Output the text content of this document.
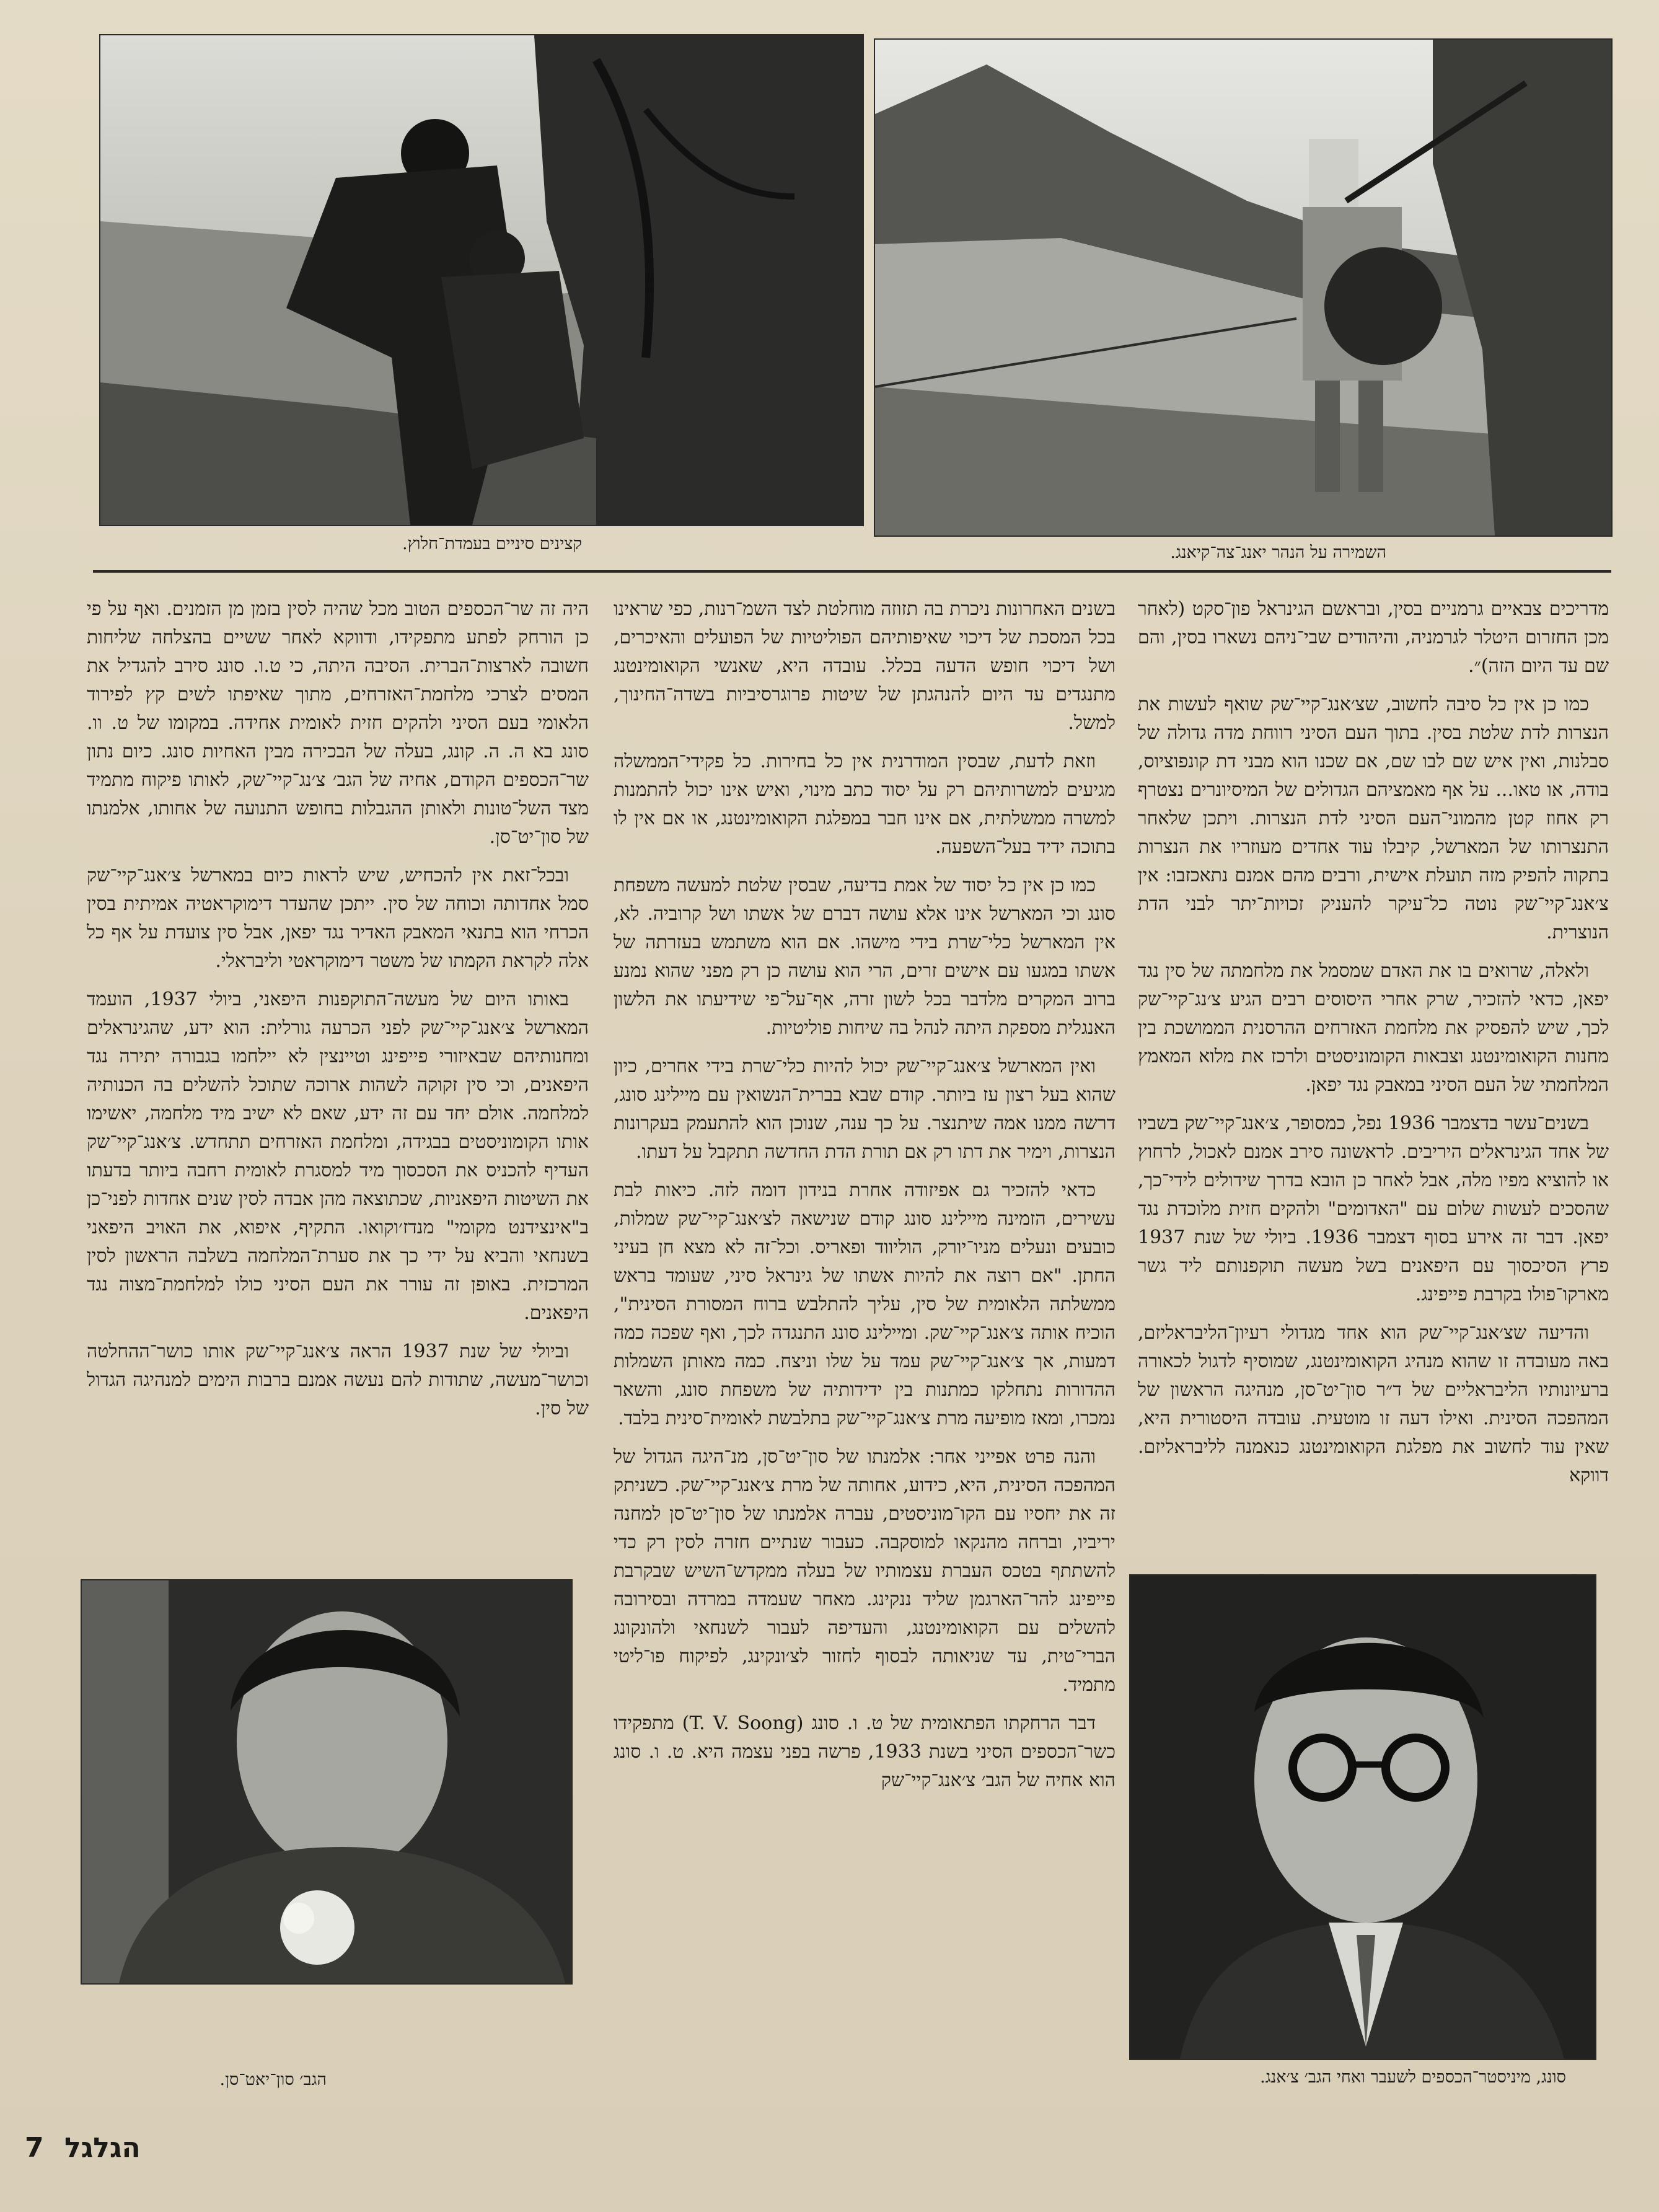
השמירה על הנהר יאנג־צה־קיאנג.
קצינים סיניים בעמדת־חלוץ.

מדריכים צבאיים גרמניים בסין, ובראשם הגינראל פון־סקט (לאחר מכן החזרום היטלר לגרמניה, והיהודים שבי־ניהם נשארו בסין, והם שם עד היום הזה)״.

כמו כן אין כל סיבה לחשוב, שצ׳אנג־קיי־שק שואף לעשות את הנצרות לדת שלטת בסין. בתוך העם הסיני רווחת מדה גדולה של סבלנות, ואין איש שם לבו שם, אם שכנו הוא מבני דת קונפוציוס, בודה, או טאו... על אף מאמציהם הגדולים של המיסיונרים נצטרף רק אחוז קטן מהמוני־העם הסיני לדת הנצרות. ויתכן שלאחר התנצרותו של המארשל, קיבלו עוד אחדים מעוזריו את הנצרות בתקוה להפיק מזה תועלת אישית, ורבים מהם אמנם נתאכזבו: אין צ׳אנג־קיי־שק נוטה כל־עיקר להעניק זכויות־יתר לבני הדת הנוצרית.

ולאלה, שרואים בו את האדם שמסמל את מלחמתה של סין נגד יפאן, כדאי להזכיר, שרק אחרי היסוסים רבים הגיע צ׳נג־קיי־שק לכך, שיש להפסיק את מלחמת האזרחים ההרסנית הממושכת בין מחנות הקואומינטנג וצבאות הקומוניסטים ולרכז את מלוא המאמץ המלחמתי של העם הסיני במאבק נגד יפאן.

בשנים־עשר בדצמבר 1936 נפל, כמסופר, צ׳אנג־קיי־שק בשביו של אחד הגינראלים היריבים. לראשונה סירב אמנם לאכול, לרחוץ או להוציא מפיו מלה, אבל לאחר כן הובא בדרך שידולים לידי־כך, שהסכים לעשות שלום עם "האדומים" ולהקים חזית מלוכדת נגד יפאן. דבר זה אירע בסוף דצמבר 1936. ביולי של שנת 1937 פרץ הסיכסוך עם היפאנים בשל מעשה תוקפנותם ליד גשר מארקו־פולו בקרבת פייפינג.

והדיעה שצ׳אנג־קיי־שק הוא אחד מגדולי רעיון־הליבראליזם, באה מעובדה זו שהוא מנהיג הקואומינטנג, שמוסיף לדגול לכאורה ברעיונותיו הליבראליים של ד״ר סון־יט־סן, מנהיגה הראשון של המהפכה הסינית. ואילו דעה זו מוטעית. עובדה היסטורית היא, שאין עוד לחשוב את מפלגת הקואומינטנג כנאמנה לליבראליזם. דווקא

בשנים האחרונות ניכרת בה תזוזה מוחלטת לצד השמ־רנות, כפי שראינו בכל המסכת של דיכוי שאיפותיהם הפוליטיות של הפועלים והאיכרים, ושל דיכוי חופש הדעה בכלל. עובדה היא, שאנשי הקואומינטנג מתנגדים עד היום להנהגתן של שיטות פרוגרסיביות בשדה־החינוך, למשל.

וזאת לדעת, שבסין המודרנית אין כל בחירות. כל פקידי־הממשלה מגיעים למשרותיהם רק על יסוד כתב מינוי, ואיש אינו יכול להתמנות למשרה ממשלתית, אם אינו חבר במפלגת הקואומינטנג, או אם אין לו בתוכה ידיד בעל־השפעה.

כמו כן אין כל יסוד של אמת בדיעה, שבסין שלטת למעשה משפחת סונג וכי המארשל אינו אלא עושה דברם של אשתו ושל קרוביה. לא, אין המארשל כלי־שרת בידי מישהו. אם הוא משתמש בעזרתה של אשתו במגעו עם אישים זרים, הרי הוא עושה כן רק מפני שהוא נמנע ברוב המקרים מלדבר בכל לשון זרה, אף־על־פי שידיעתו את הלשון האנגלית מספקת היתה לנהל בה שיחות פוליטיות.

ואין המארשל צ׳אנג־קיי־שק יכול להיות כלי־שרת בידי אחרים, כיון שהוא בעל רצון עז ביותר. קודם שבא בברית־הנשואין עם מיילינג סונג, דרשה ממנו אמה שיתנצר. על כך ענה, שנוכן הוא להתעמק בעקרונות הנצרות, וימיר את דתו רק אם תורת הדת החדשה תתקבל על דעתו.

כדאי להזכיר גם אפיזודה אחרת בנידון דומה לזה. כיאות לבת עשירים, הזמינה מיילינג סונג קודם שנישאה לצ׳אנג־קיי־שק שמלות, כובעים ונעלים מניו־יורק, הוליווד ופאריס. וכל־זה לא מצא חן בעיני החתן. "אם רוצה את להיות אשתו של גינראל סיני, שעומד בראש ממשלתה הלאומית של סין, עליך להתלבש ברוח המסורת הסינית", הוכיח אותה צ׳אנג־קיי־שק. ומיילינג סונג התנגדה לכך, ואף שפכה כמה דמעות, אך צ׳אנג־קיי־שק עמד על שלו וניצח. כמה מאותן השמלות ההדורות נתחלקו כמתנות בין ידידותיה של משפחת סונג, והשאר נמכרו, ומאז מופיעה מרת צ׳אנג־קיי־שק בתלבשת לאומית־סינית בלבד.

והנה פרט אפייני אחר: אלמנתו של סון־יט־סן, מנ־היגה הגדול של המהפכה הסינית, היא, כידוע, אחותה של מרת צ׳אנג־קיי־שק. כשניתק זה את יחסיו עם הקו־מוניסטים, עברה אלמנתו של סון־יט־סן למחנה יריביו, וברחה מהנקאו למוסקבה. כעבור שנתיים חזרה לסין רק כדי להשתתף בטכס העברת עצמותיו של בעלה ממקדש־השיש שבקרבת פייפינג להר־הארגמן שליד ננקינג. מאחר שעמדה במרדה ובסירובה להשלים עם הקואומינטנג, והעדיפה לעבור לשנחאי ולהונקונג הברי־טית, עד שניאותה לבסוף לחזור לצ׳ונקינג, לפיקוח פו־ליטי מתמיד.

דבר הרחקתו הפתאומית של ט. ו. סונג (T. V. Soong) מתפקידו כשר־הכספים הסיני בשנת 1933, פרשה בפני עצמה היא. ט. ו. סונג הוא אחיה של הגב׳ צ׳אנג־קיי־שק

היה זה שר־הכספים הטוב מכל שהיה לסין בזמן מן הזמנים. ואף על פי כן הורחק לפתע מתפקידו, ודווקא לאחר ששיים בהצלחה שליחות חשובה לארצות־הברית. הסיבה היתה, כי ט.ו. סונג סירב להגדיל את המסים לצרכי מלחמת־האזרחים, מתוך שאיפתו לשים קץ לפירוד הלאומי בעם הסיני ולהקים חזית לאומית אחידה. במקומו של ט. וו. סונג בא ה. ה. קונג, בעלה של הבכירה מבין האחיות סונג. כיום נתון שר־הכספים הקודם, אחיה של הגב׳ צ׳נג־קיי־שק, לאותו פיקוח מתמיד מצד השל־טונות ולאותן ההגבלות בחופש התנועה של אחותו, אלמנתו של סון־יט־סן.

ובכל־זאת אין להכחיש, שיש לראות כיום במארשל צ׳אנג־קיי־שק סמל אחדותה וכוחה של סין. ייתכן שהעדר דימוקראטיה אמיתית בסין הכרחי הוא בתנאי המאבק האדיר נגד יפאן, אבל סין צועדת על אף כל אלה לקראת הקמתו של משטר דימוקראטי וליבראלי.

באותו היום של מעשה־התוקפנות היפאני, ביולי 1937, הועמד המארשל צ׳אנג־קיי־שק לפני הכרעה גורלית: הוא ידע, שהגינראלים ומחנותיהם שבאיזורי פייפינג וטיינצין לא יילחמו בגבורה יתירה נגד היפאנים, וכי סין זקוקה לשהות ארוכה שתוכל להשלים בה הכנותיה למלחמה. אולם יחד עם זה ידע, שאם לא ישיב מיד מלחמה, יאשימו אותו הקומוניסטים בבגידה, ומלחמת האזרחים תתחדש. צ׳אנג־קיי־שק העדיף להכניס את הסכסוך מיד למסגרת לאומית רחבה ביותר בדעתו את השיטות היפאניות, שכתוצאה מהן אבדה לסין שנים אחדות לפני־כן ב"אינצידנט מקומי" מנדז׳וקואו. התקיף, איפוא, את האויב היפאני בשנחאי והביא על ידי כך את סערת־המלחמה בשלבה הראשון לסין המרכזית. באופן זה עורר את העם הסיני כולו למלחמת־מצוה נגד היפאנים.

וביולי של שנת 1937 הראה צ׳אנג־קיי־שק אותו כושר־ההחלטה וכושר־מעשה, שתודות להם נעשה אמנם ברבות הימים למנהיגה הגדול של סין.

סונג, מיניסטר־הכספים לשעבר ואחי הגב׳ צ׳אנג.
הגב׳ סון־יאט־סן.
7 הגלגל
